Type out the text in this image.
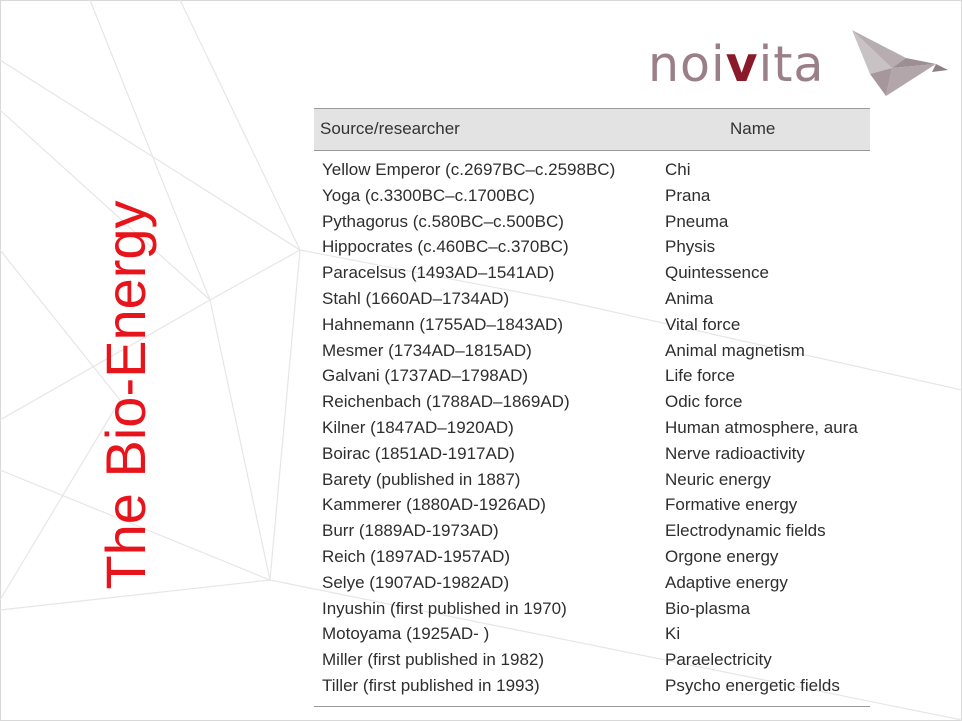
noivita
The Bio-Energy
Source/researcher	Name
Yellow Emperor (c.2697BC–c.2598BC)	Chi
Yoga (c.3300BC–c.1700BC)	Prana
Pythagorus (c.580BC–c.500BC)	Pneuma
Hippocrates (c.460BC–c.370BC)	Physis
Paracelsus (1493AD–1541AD)	Quintessence
Stahl (1660AD–1734AD)	Anima
Hahnemann (1755AD–1843AD)	Vital force
Mesmer (1734AD–1815AD)	Animal magnetism
Galvani (1737AD–1798AD)	Life force
Reichenbach (1788AD–1869AD)	Odic force
Kilner (1847AD–1920AD)	Human atmosphere, aura
Boirac (1851AD-1917AD)	Nerve radioactivity
Barety (published in 1887)	Neuric energy
Kammerer (1880AD-1926AD)	Formative energy
Burr (1889AD-1973AD)	Electrodynamic fields
Reich (1897AD-1957AD)	Orgone energy
Selye (1907AD-1982AD)	Adaptive energy
Inyushin (first published in 1970)	Bio-plasma
Motoyama (1925AD- )	Ki
Miller (first published in 1982)	Paraelectricity
Tiller (first published in 1993)	Psycho energetic fields
